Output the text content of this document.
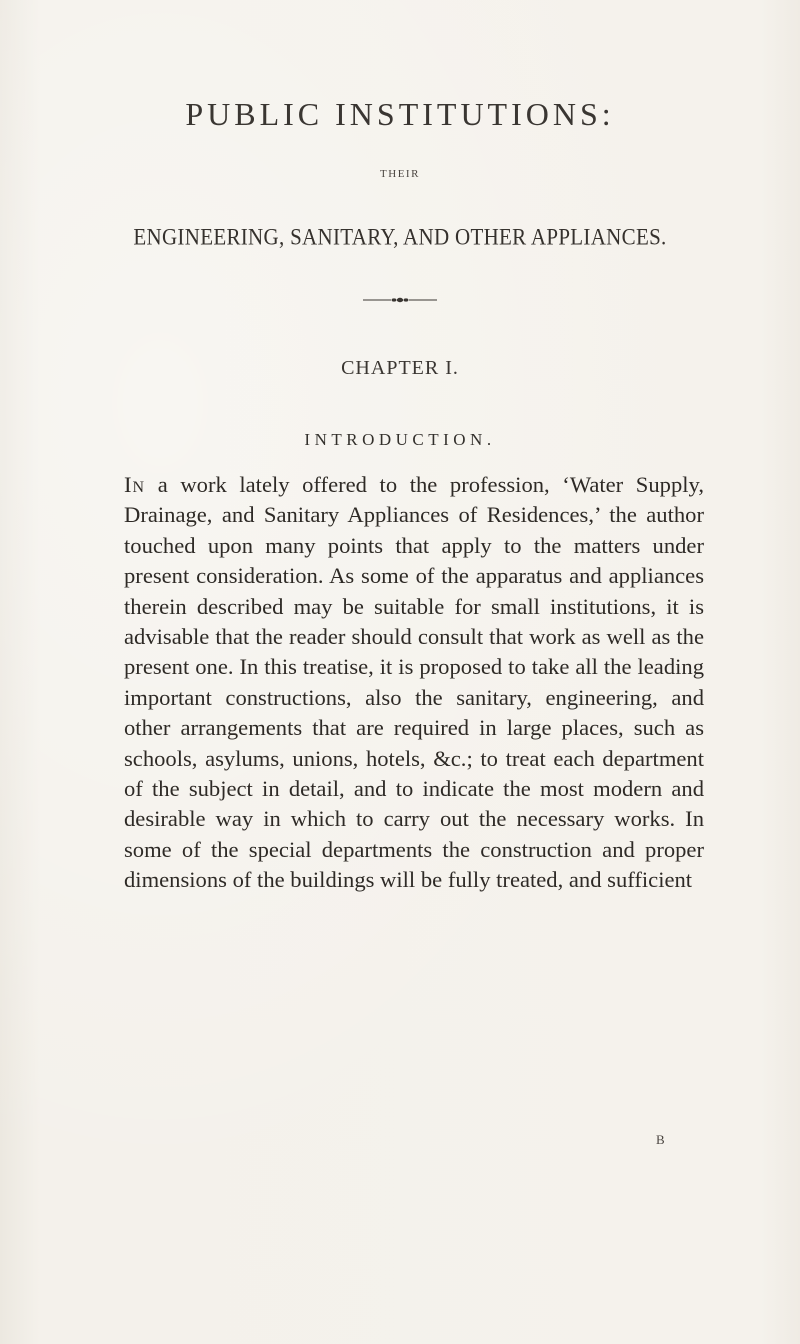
PUBLIC INSTITUTIONS:
THEIR
ENGINEERING, SANITARY, AND OTHER APPLIANCES.
CHAPTER I.
INTRODUCTION.

In a work lately offered to the profession, ‘Water Supply, Drainage, and Sanitary Appliances of Residences,’ the author touched upon many points that apply to the matters under present consideration. As some of the apparatus and appliances therein described may be suitable for small institutions, it is advisable that the reader should consult that work as well as the present one. In this treatise, it is proposed to take all the leading important constructions, also the sanitary, engineering, and other arrangements that are required in large places, such as schools, asylums, unions, hotels, &c.; to treat each department of the subject in detail, and to indicate the most modern and desirable way in which to carry out the necessary works. In some of the special departments the construction and proper dimensions of the buildings will be fully treated, and sufficient

B
